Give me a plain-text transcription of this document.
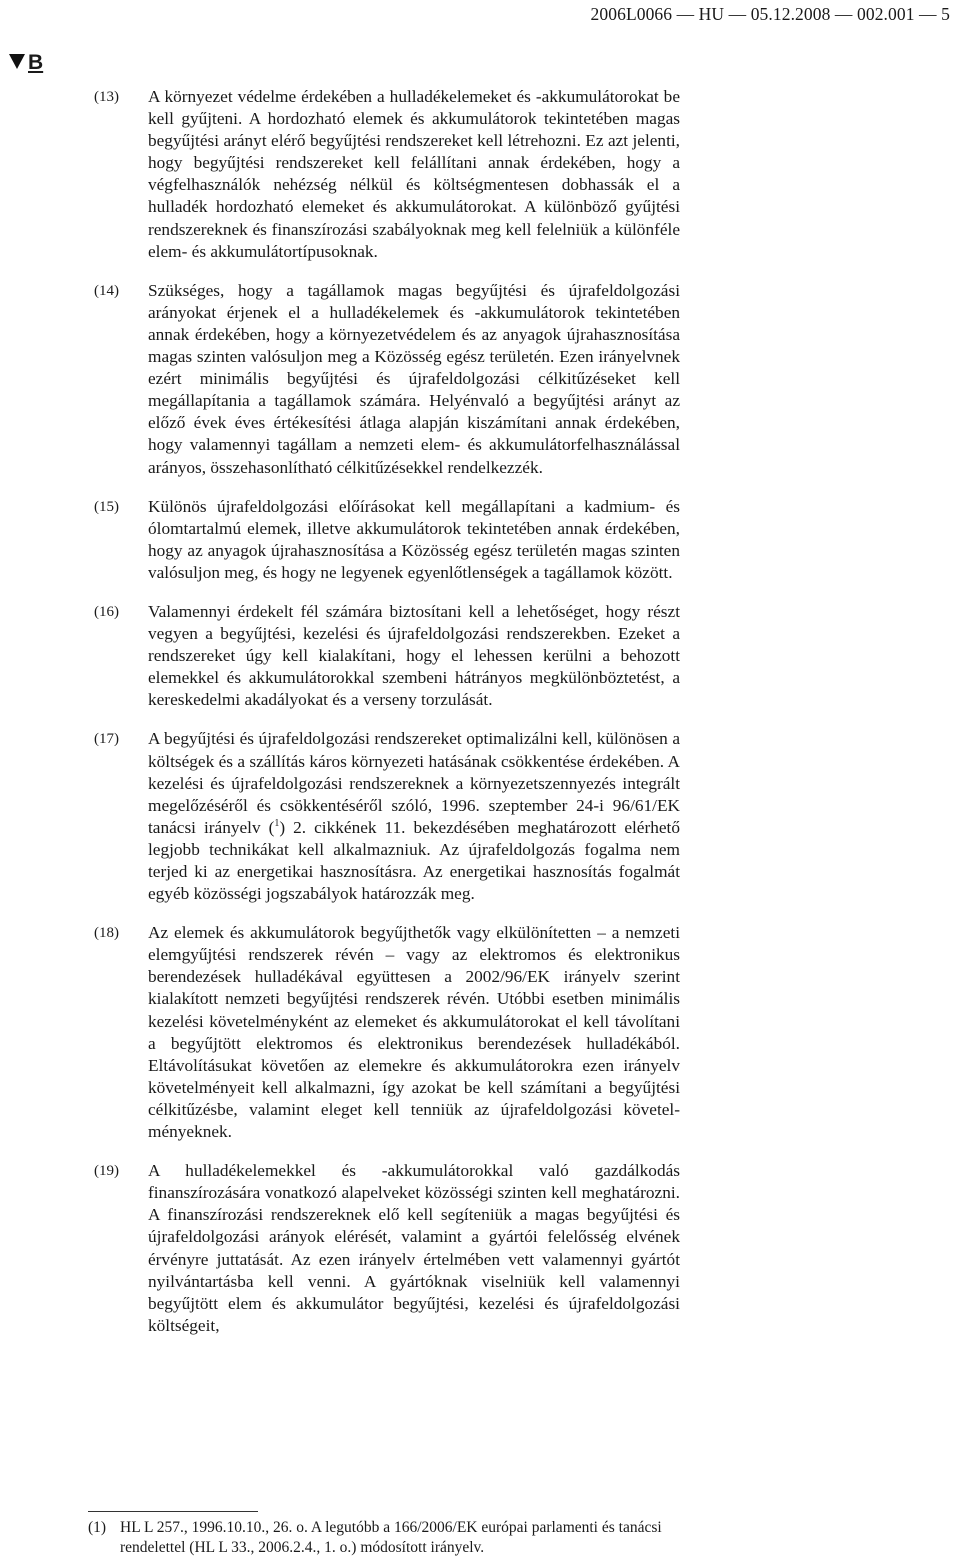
2006L0066 — HU — 05.12.2008 — 002.001 — 5
B
(13)	A környezet védelme érdekében a hulladékelemeket és -akkumulátorokat be kell gyűjteni. A hordozható elemek és akkumulátorok tekintetében magas begyűjtési arányt elérő begyűjtési rendszereket kell létrehozni. Ez azt jelenti, hogy begyűjtési rendszereket kell felállítani annak érdekében, hogy a végfelhasználók nehézség nélkül és költségmentesen dobhassák el a hulladék hordozható elemeket és akkumulátorokat. A különböző gyűjtési rendszereknek és finanszírozási szabályoknak meg kell felelniük a különféle elem- és akkumulátortípusoknak.

(14)	Szükséges, hogy a tagállamok magas begyűjtési és újrafeldolgozási arányokat érjenek el a hulladékelemek és -akkumulátorok tekintetében annak érdekében, hogy a környezetvédelem és az anyagok újrahasznosítása magas szinten valósuljon meg a Közösség egész területén. Ezen irányelvnek ezért minimális begyűjtési és újrafeldolgozási célkitűzéseket kell megállapítania a tagállamok számára. Helyénvaló a begyűjtési arányt az előző évek éves értékesítési átlaga alapján kiszámítani annak érdekében, hogy valamennyi tagállam a nemzeti elem- és akkumulátorfelhasználással arányos, összehasonlítható célkitűzésekkel rendelkezzék.

(15)	Különös újrafeldolgozási előírásokat kell megállapítani a kadmium- és ólomtartalmú elemek, illetve akkumulátorok tekintetében annak érdekében, hogy az anyagok újrahasznosítása a Közösség egész területén magas szinten valósuljon meg, és hogy ne legyenek egyenlőtlenségek a tagállamok között.

(16)	Valamennyi érdekelt fél számára biztosítani kell a lehetőséget, hogy részt vegyen a begyűjtési, kezelési és újrafeldolgozási rendszerekben. Ezeket a rendszereket úgy kell kialakítani, hogy el lehessen kerülni a behozott elemekkel és akkumulátorokkal szembeni hátrányos megkülönböztetést, a kereskedelmi akadályokat és a verseny torzulását.

(17)	A begyűjtési és újrafeldolgozási rendszereket optimalizálni kell, különösen a költségek és a szállítás káros környezeti hatásának csökkentése érdekében. A kezelési és újrafeldolgozási rendszereknek a környezetszennyezés integrált megelőzéséről és csökkentéséről szóló, 1996. szeptember 24-i 96/61/EK tanácsi irányelv ($^1$) 2. cikkének 11. bekezdésében meghatározott elérhető legjobb technikákat kell alkalmazniuk. Az újrafeldolgozás fogalma nem terjed ki az energetikai hasznosításra. Az energetikai hasznosítás fogalmát egyéb közösségi jogszabályok határozzák meg.

(18)	Az elemek és akkumulátorok begyűjthetők vagy elkülönítetten – a nemzeti elemgyűjtési rendszerek révén – vagy az elektromos és elektronikus berendezések hulladékával együttesen a 2002/96/EK irányelv szerint kialakított nemzeti begyűjtési rendszerek révén. Utóbbi esetben minimális kezelési követelményként az elemeket és akkumulátorokat el kell távolítani a begyűjtött elektromos és elektronikus berendezések hulladékából. Eltávolításukat követően az elemekre és akkumulátorokra ezen irányelv követelményeit kell alkalmazni, így azokat be kell számítani a begyűjtési célkitűzésbe, valamint eleget kell tenniük az újrafeldolgozási követelményeknek.

(19)	A hulladékelemekkel és -akkumulátorokkal való gazdálkodás finanszírozására vonatkozó alapelveket közösségi szinten kell meghatározni. A finanszírozási rendszereknek elő kell segíteniük a magas begyűjtési és újrafeldolgozási arányok elérését, valamint a gyártói felelősség elvének érvényre juttatását. Az ezen irányelv értelmében vett valamennyi gyártót nyilvántartásba kell venni. A gyártóknak viselniük kell valamennyi begyűjtött elem és akkumulátor begyűjtési, kezelési és újrafeldolgozási költségeit,

(1) HL L 257., 1996.10.10., 26. o. A legutóbb a 166/2006/EK európai parlamenti és tanácsi rendelettel (HL L 33., 2006.2.4., 1. o.) módosított irányelv.
